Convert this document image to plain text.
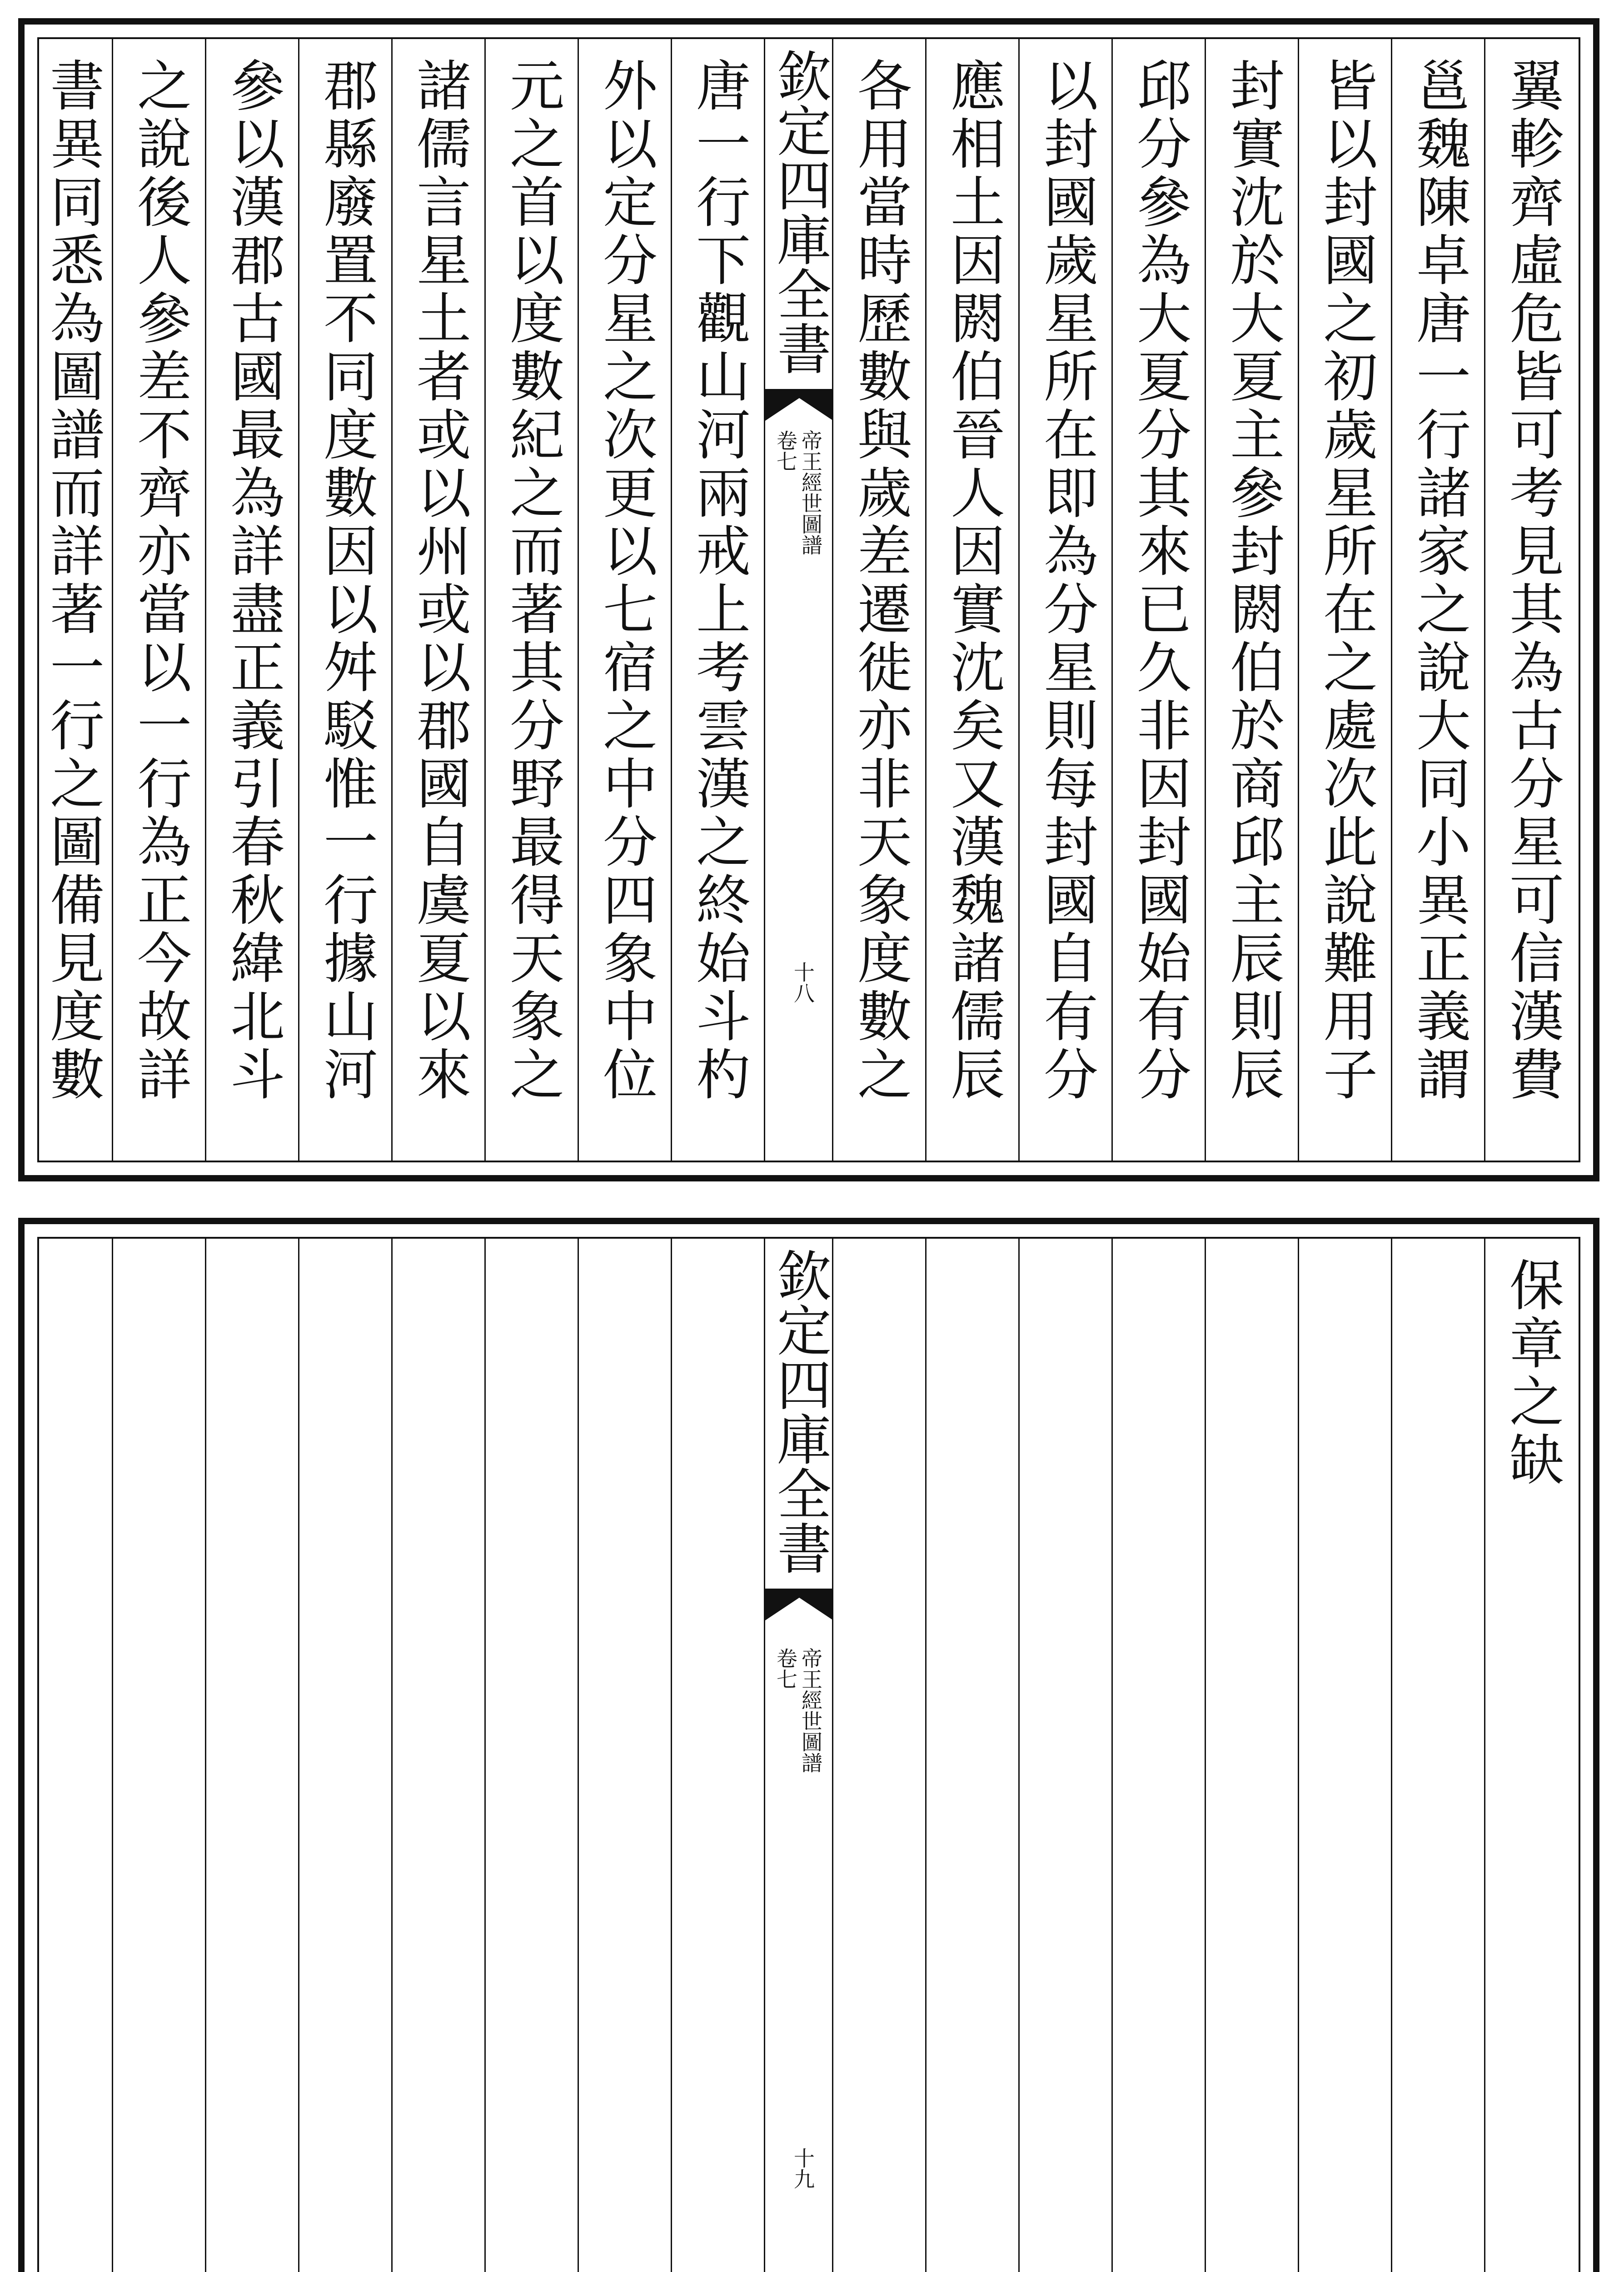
翼軫齊虛危皆可考見其為古分星可信漢費
邕魏陳卓唐一行諸家之說大同小異正義謂
皆以封國之初歲星所在之處次此說難用子
封實沈於大夏主參封閼伯於商邱主辰則辰
邱分參為大夏分其來已久非因封國始有分
以封國歲星所在即為分星則每封國自有分
應相土因閼伯晉人因實沈矣又漢魏諸儒辰
各用當時歷數與歲差遷徙亦非天象度數之
欽定四庫全書
帝王經世圖譜
卷七
十八
唐一行下觀山河兩戒上考雲漢之終始斗杓
外以定分星之次更以七宿之中分四象中位
元之首以度數紀之而著其分野最得天象之
諸儒言星土者或以州或以郡國自虞夏以來
郡縣廢置不同度數因以舛駁惟一行據山河
參以漢郡古國最為詳盡正義引春秋緯北斗
之說後人參差不齊亦當以一行為正今故詳
書異同悉為圖譜而詳著一行之圖備見度數
保章之缺
欽定四庫全書
帝王經世圖譜
卷七
十九
